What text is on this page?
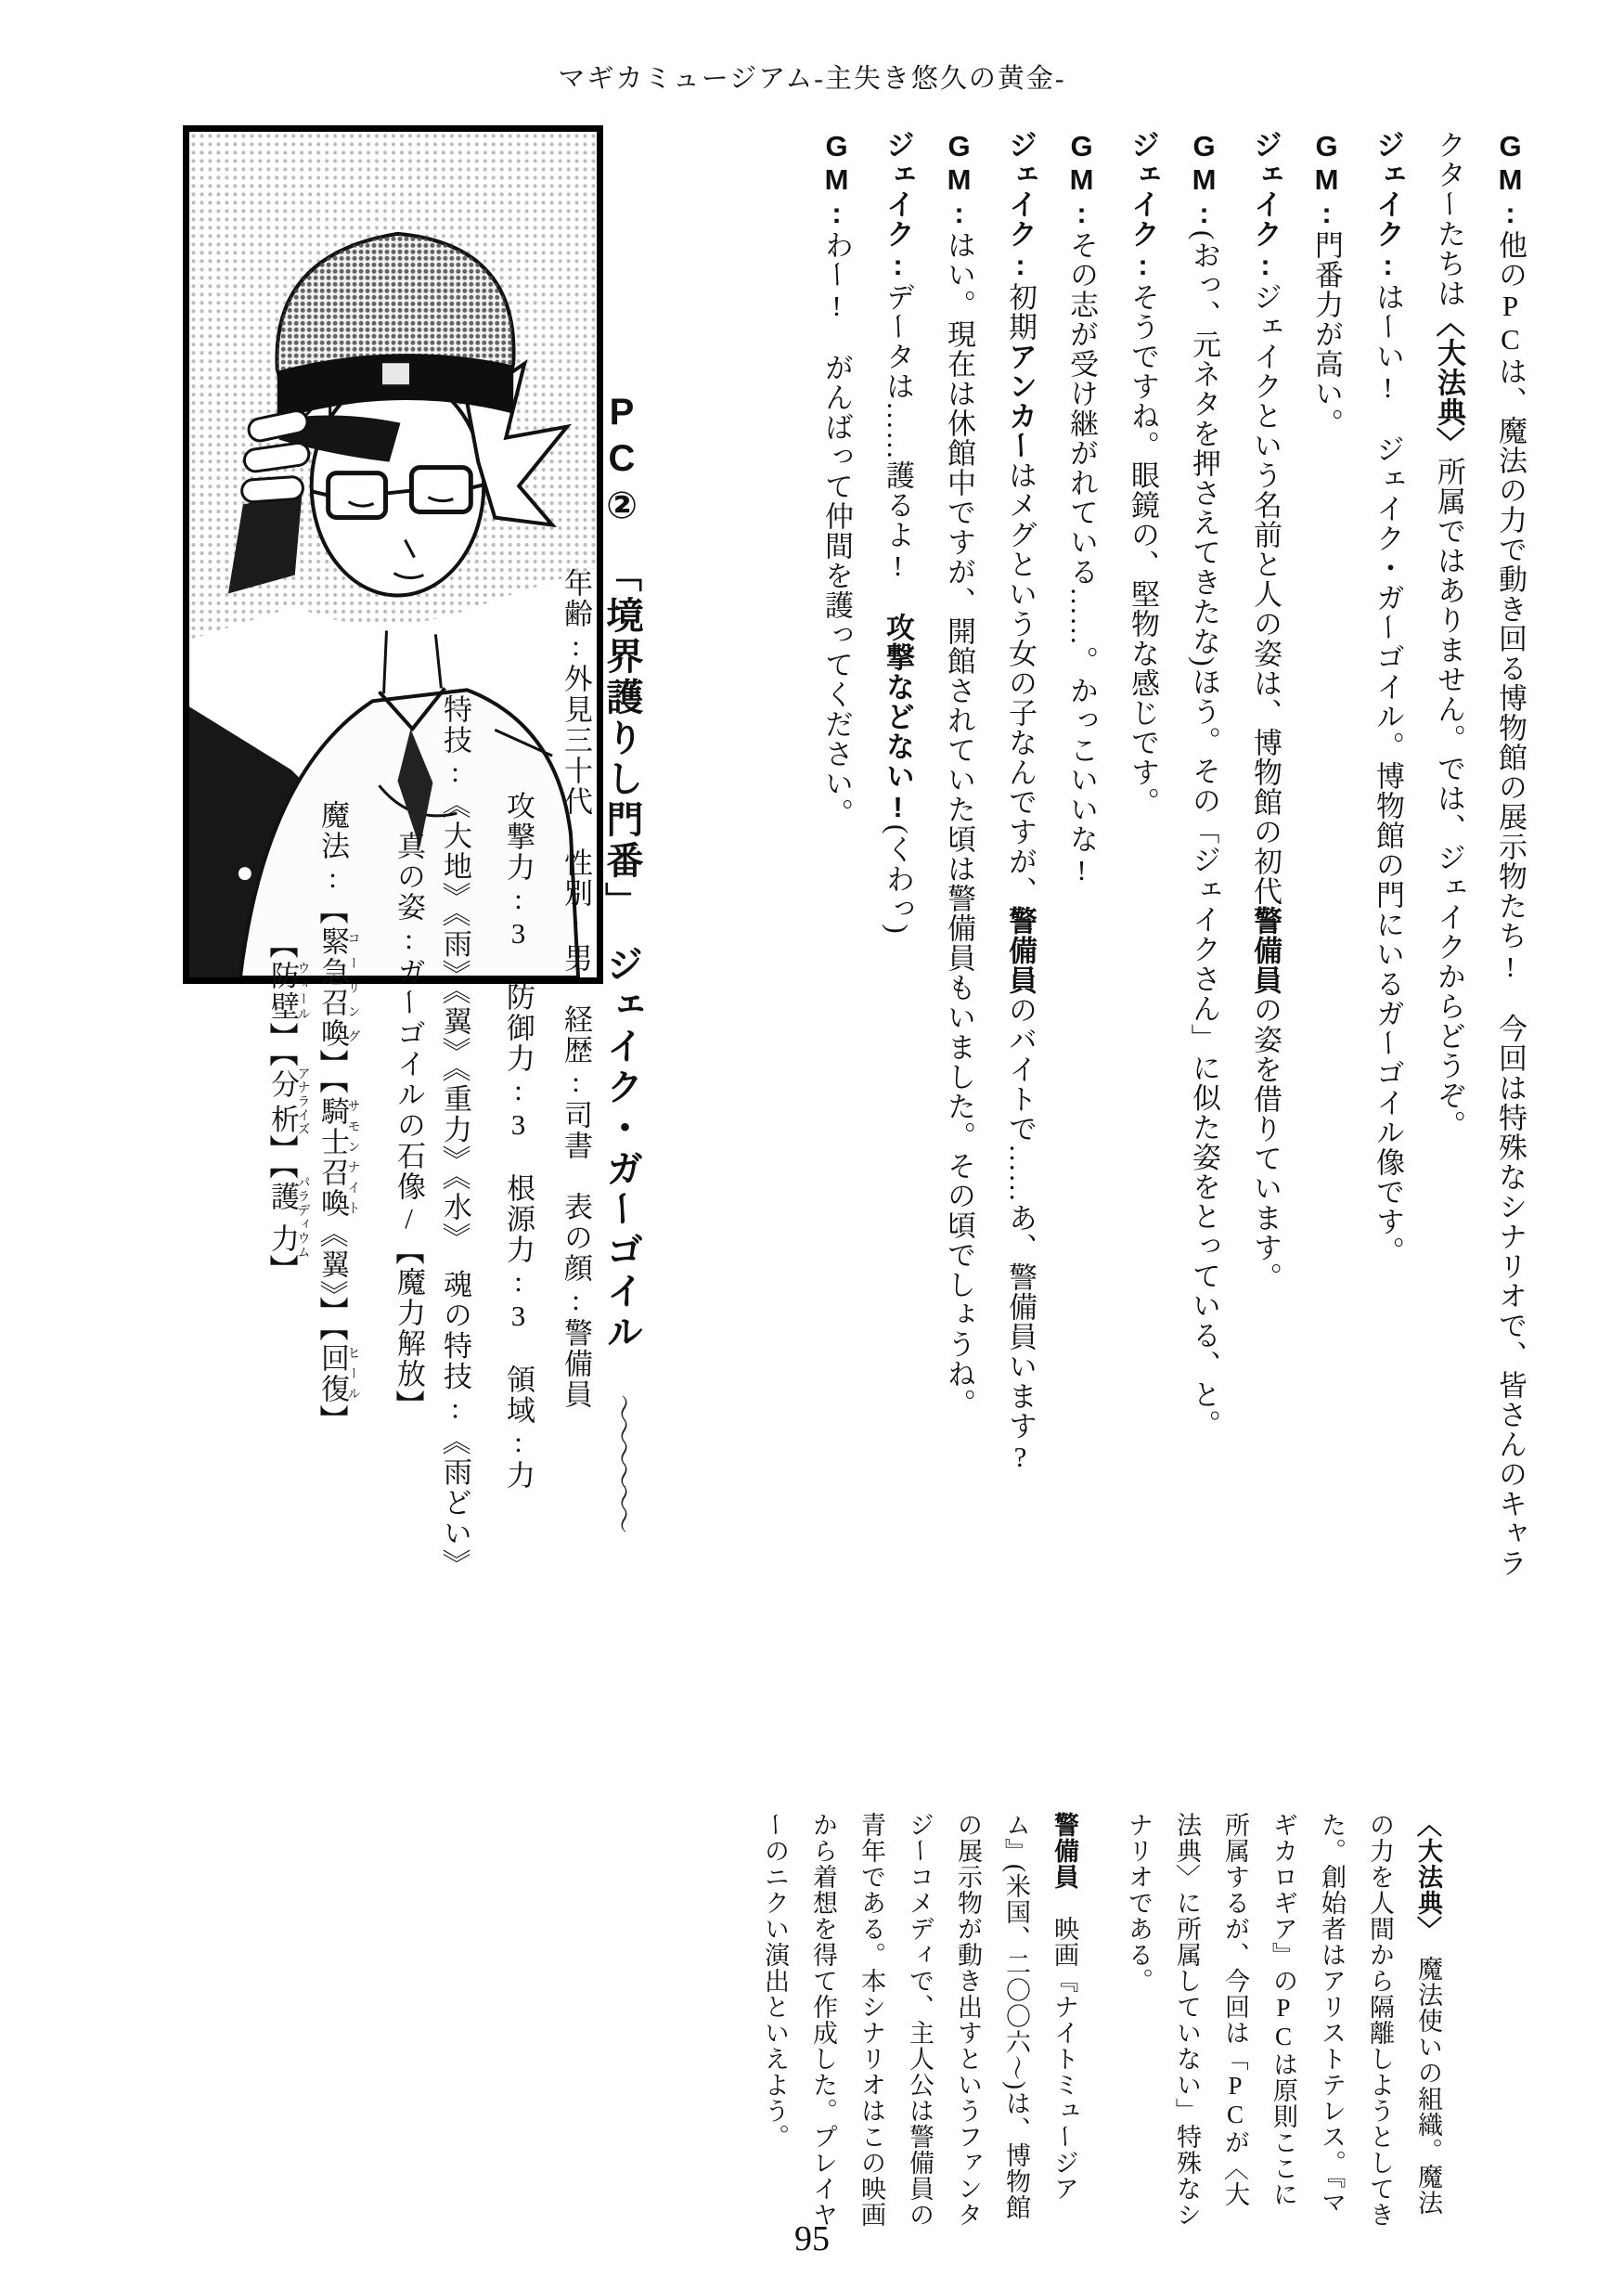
マギカミュージアム-主失き悠久の黄金-

GM:他のPCは、魔法の力で動き回る博物館の展示物たち!　今回は特殊なシナリオで、皆さんのキャラクターたちは〈大法典〉所属ではありません。では、ジェイクからどうぞ。

ジェイク:はーい!　ジェイク・ガーゴイル。博物館の門にいるガーゴイル像です。

GM:門番力が高い。

ジェイク:ジェイクという名前と人の姿は、博物館の初代警備員の姿を借りています。

GM:(おっ、元ネタを押さえてきたな)ほう。その「ジェイクさん」に似た姿をとっている、と。

ジェイク:そうですね。眼鏡の、堅物な感じです。

GM:その志が受け継がれている……。かっこいいな!

ジェイク:初期アンカーはメグという女の子なんですが、警備員のバイトで……あ、警備員います?

GM:はい。現在は休館中ですが、開館されていた頃は警備員もいました。その頃でしょうね。

ジェイク:データは……護るよ!　攻撃などない!(くわっ)

GM:わー!　がんばって仲間を護ってください。

PC②　「境界護りし門番」　ジェイク・ガーゴイル　〜〜〜〜〜〜
年齢:外見三十代　性別:男　経歴:司書　表の顔:警備員
攻撃力:3　防御力:3　根源力:3　領域:力
特技:《大地》《雨》《翼》《重力》《水》　魂の特技:《雨どい》
真の姿:ガーゴイルの石像/【魔力解放】
魔法:【緊急召喚コーリング】【騎士召喚サモンナイト《翼》】【回復ヒール】
【防壁ウォール】【分析アナライズ】【護力パラディウム】

〈大法典〉　魔法使いの組織。魔法の力を人間から隔離しようとしてきた。創始者はアリストテレス。『マギカロギア』のPCは原則ここに所属するが、今回は「PCが〈大法典〉に所属していない」特殊なシナリオである。

警備員　映画『ナイトミュージアム』(米国、二〇〇六〜)は、博物館の展示物が動き出すというファンタジーコメディで、主人公は警備員の青年である。本シナリオはこの映画から着想を得て作成した。プレイヤーのニクい演出といえよう。

95
